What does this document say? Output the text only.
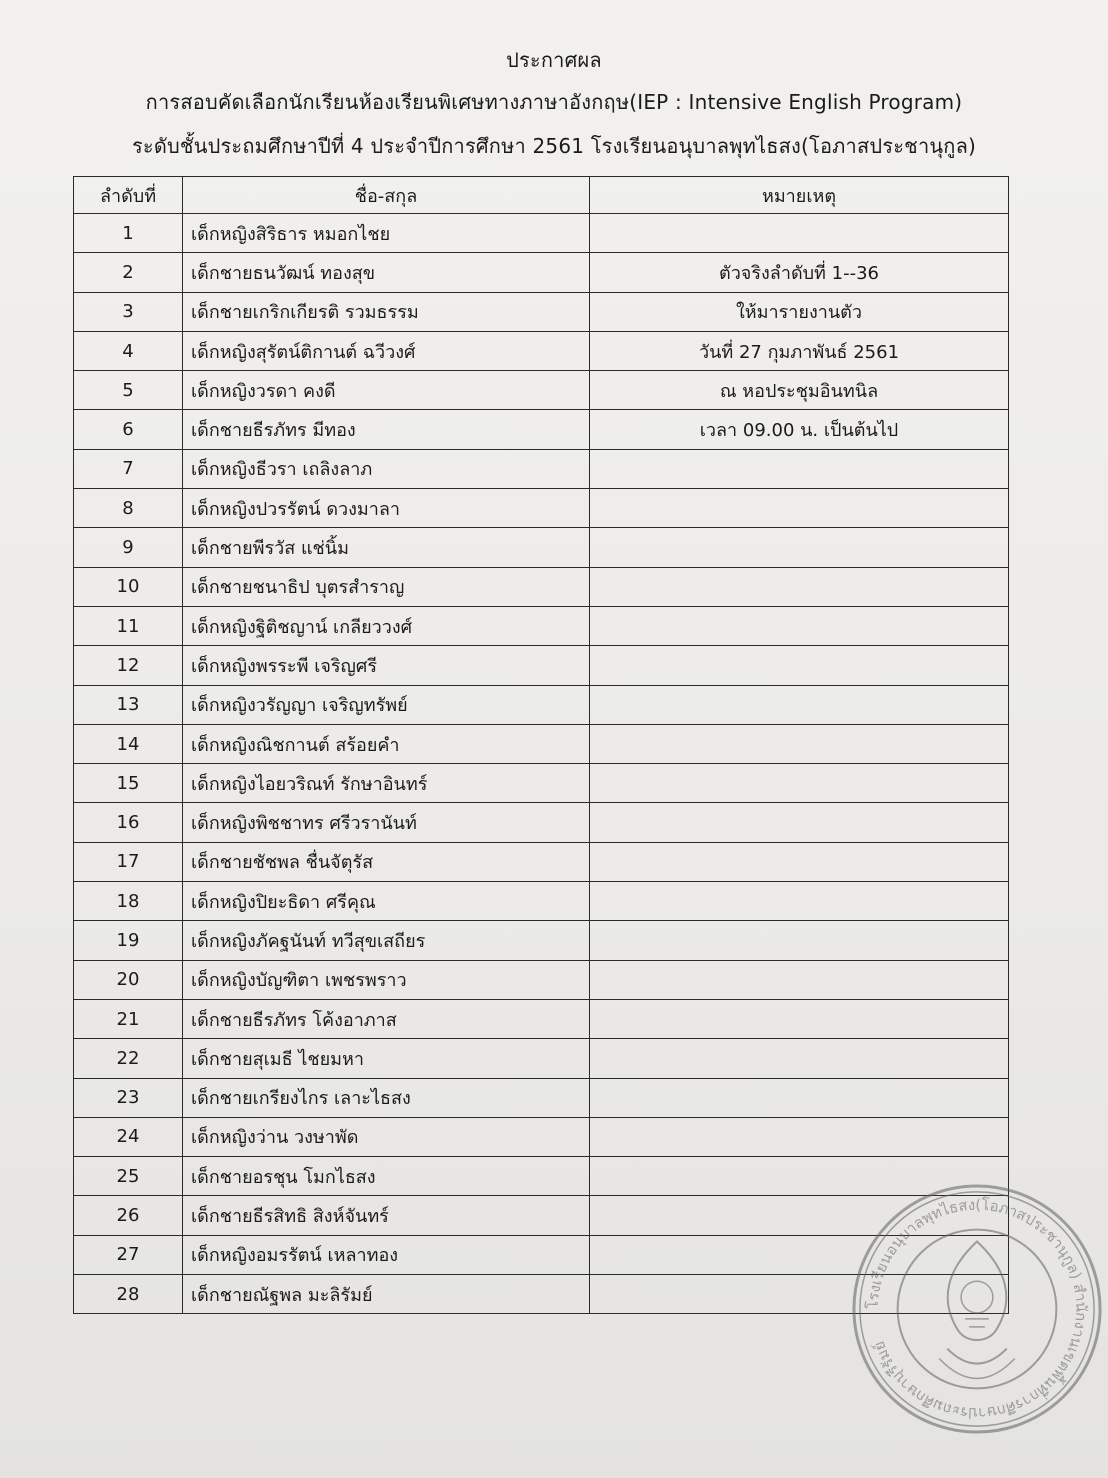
ประกาศผล
การสอบคัดเลือกนักเรียนห้องเรียนพิเศษทางภาษาอังกฤษ(IEP : Intensive English Program)
ระดับชั้นประถมศึกษาปีที่ 4 ประจำปีการศึกษา 2561 โรงเรียนอนุบาลพุทไธสง(โอภาสประชานุกูล)
ลำดับที่	ชื่อ-สกุล	หมายเหตุ
1	เด็กหญิงสิริธาร หมอกไชย	
2	เด็กชายธนวัฒน์ ทองสุข	ตัวจริงลำดับที่ 1--36
3	เด็กชายเกริกเกียรติ รวมธรรม	ให้มารายงานตัว
4	เด็กหญิงสุรัตน์ติกานต์ ฉวีวงศ์	วันที่ 27 กุมภาพันธ์ 2561
5	เด็กหญิงวรดา คงดี	ณ หอประชุมอินทนิล
6	เด็กชายธีรภัทร มีทอง	เวลา 09.00 น. เป็นต้นไป
7	เด็กหญิงธีวรา เถลิงลาภ	
8	เด็กหญิงปวรรัตน์ ดวงมาลา	
9	เด็กชายพีรวัส แช่นิ้ม	
10	เด็กชายชนาธิป บุตรสำราญ	
11	เด็กหญิงฐิติชญาน์ เกลียววงศ์	
12	เด็กหญิงพรระพี เจริญศรี	
13	เด็กหญิงวรัญญา เจริญทรัพย์	
14	เด็กหญิงณิชกานต์ สร้อยคำ	
15	เด็กหญิงไอยวริณท์ รักษาอินทร์	
16	เด็กหญิงพิชชาทร ศรีวรานันท์	
17	เด็กชายชัชพล ชื่นจัตุรัส	
18	เด็กหญิงปิยะธิดา ศรีคุณ	
19	เด็กหญิงภัคฐนันท์ ทวีสุขเสถียร	
20	เด็กหญิงบัญฑิตา เพชรพราว	
21	เด็กชายธีรภัทร โค้งอาภาส	
22	เด็กชายสุเมธี ไชยมหา	
23	เด็กชายเกรียงไกร เลาะไธสง	
24	เด็กหญิงว่าน วงษาพัด	
25	เด็กชายอรชุน โมกไธสง	
26	เด็กชายธีรสิทธิ สิงห์จันทร์	
27	เด็กหญิงอมรรัตน์ เหลาทอง	
28	เด็กชายณัฐพล มะลิรัมย์		โรงเรียนอนุบาลพุทไธสง(โอภาสประชานุกูล) สำนักงานเขตพื้นที่การศึกษาประถมศึกษาบุรีรัมย์
